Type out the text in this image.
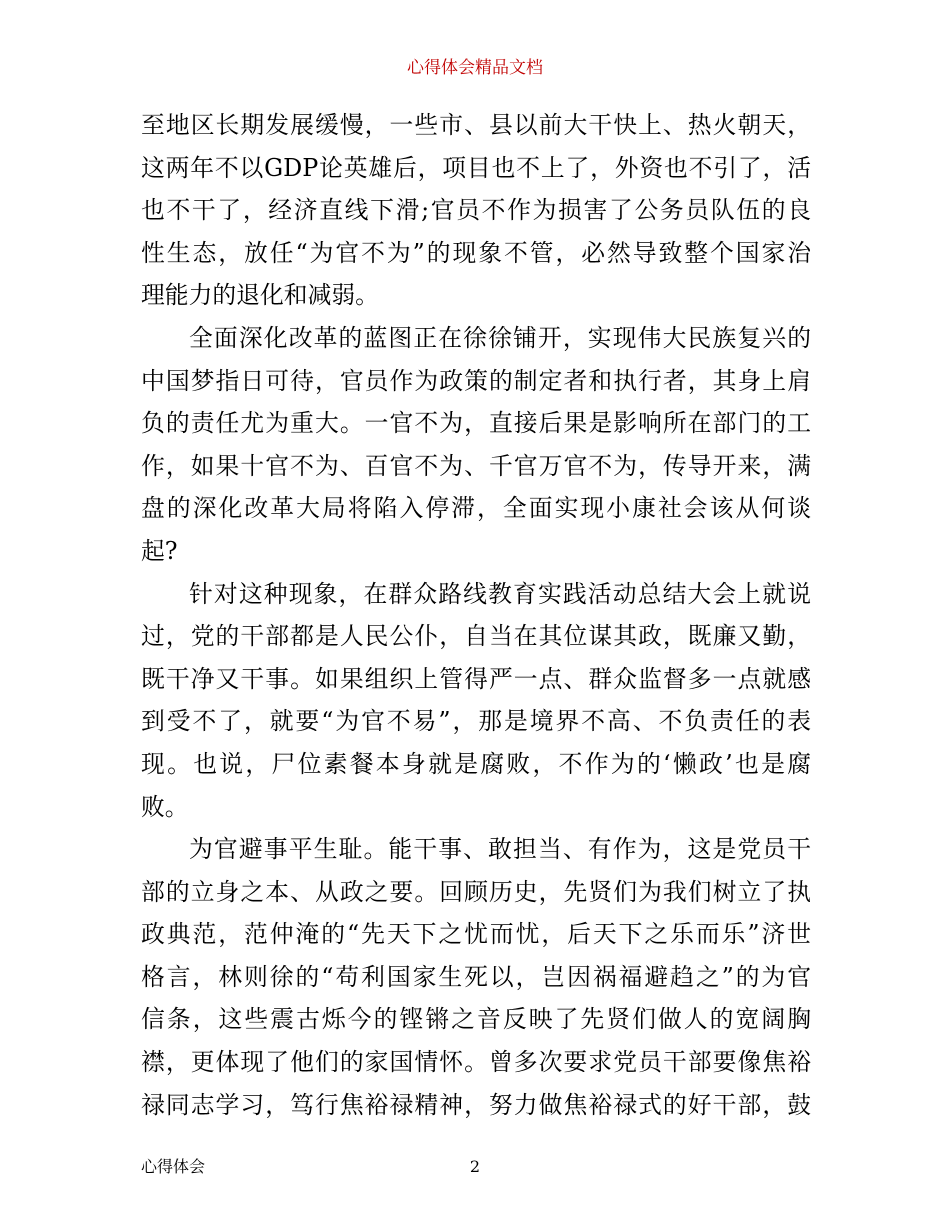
心得体会精品文档
至地区长期发展缓慢，一些市、县以前大干快上、热火朝天，
这两年不以GDP论英雄后，项目也不上了，外资也不引了，活
也不干了，经济直线下滑;官员不作为损害了公务员队伍的良
性生态，放任“为官不为”的现象不管，必然导致整个国家治
理能力的退化和减弱。
全面深化改革的蓝图正在徐徐铺开，实现伟大民族复兴的
中国梦指日可待，官员作为政策的制定者和执行者，其身上肩
负的责任尤为重大。一官不为，直接后果是影响所在部门的工
作，如果十官不为、百官不为、千官万官不为，传导开来，满
盘的深化改革大局将陷入停滞，全面实现小康社会该从何谈
起?
针对这种现象，在群众路线教育实践活动总结大会上就说
过，党的干部都是人民公仆，自当在其位谋其政，既廉又勤，
既干净又干事。如果组织上管得严一点、群众监督多一点就感
到受不了，就要“为官不易”，那是境界不高、不负责任的表
现。也说，尸位素餐本身就是腐败，不作为的‘懒政’也是腐
败。
为官避事平生耻。能干事、敢担当、有作为，这是党员干
部的立身之本、从政之要。回顾历史，先贤们为我们树立了执
政典范，范仲淹的“先天下之忧而忧，后天下之乐而乐”济世
格言，林则徐的“苟利国家生死以，岂因祸福避趋之”的为官
信条，这些震古烁今的铿锵之音反映了先贤们做人的宽阔胸
襟，更体现了他们的家国情怀。曾多次要求党员干部要像焦裕
禄同志学习，笃行焦裕禄精神，努力做焦裕禄式的好干部，鼓
心得体会	2
